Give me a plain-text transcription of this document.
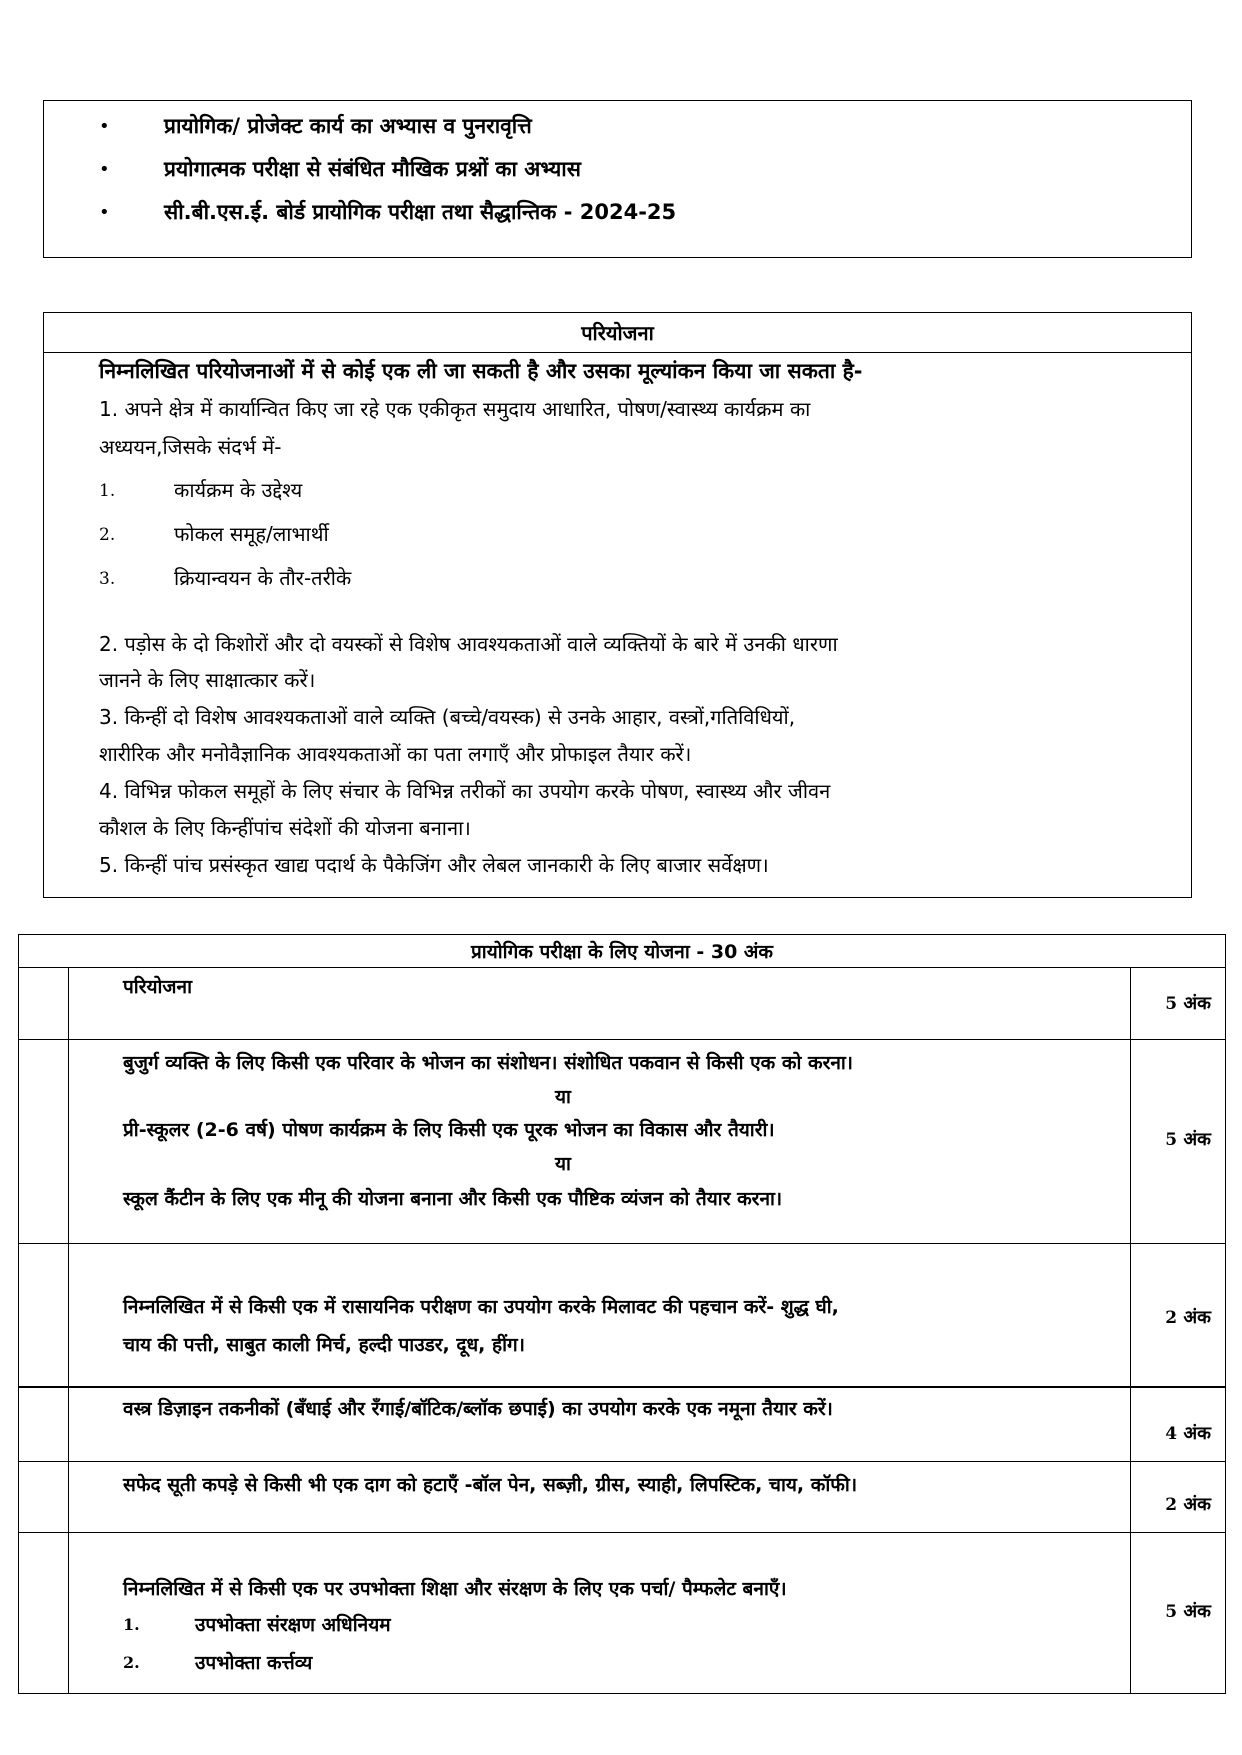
•	प्रायोगिक/ प्रोजेक्ट कार्य का अभ्यास व पुनरावृत्ति
•	प्रयोगात्मक परीक्षा से संबंधित मौखिक प्रश्नों का अभ्यास
•	सी.बी.एस.ई. बोर्ड प्रायोगिक परीक्षा तथा सैद्धान्तिक - 2024-25
परियोजना
निम्नलिखित परियोजनाओं में से कोई एक ली जा सकती है और उसका मूल्यांकन किया जा सकता है-
1. अपने क्षेत्र में कार्यान्वित किए जा रहे एक एकीकृत समुदाय आधारित, पोषण/स्वास्थ्य कार्यक्रम का
अध्ययन,जिसके संदर्भ में-
1.	कार्यक्रम के उद्देश्य
2.	फोकल समूह/लाभार्थी
3.	क्रियान्वयन के तौर-तरीके
2. पड़ोस के दो किशोरों और दो वयस्कों से विशेष आवश्यकताओं वाले व्यक्तियों के बारे में उनकी धारणा
जानने के लिए साक्षात्कार करें।
3. किन्हीं दो विशेष आवश्यकताओं वाले व्यक्ति (बच्चे/वयस्क) से उनके आहार, वस्त्रों,गतिविधियों,
शारीरिक और मनोवैज्ञानिक आवश्यकताओं का पता लगाएँ और प्रोफाइल तैयार करें।
4. विभिन्न फोकल समूहों के लिए संचार के विभिन्न तरीकों का उपयोग करके पोषण, स्वास्थ्य और जीवन
कौशल के लिए किन्हींपांच संदेशों की योजना बनाना।
5. किन्हीं पांच प्रसंस्कृत खाद्य पदार्थ के पैकेजिंग और लेबल जानकारी के लिए बाजार सर्वेक्षण।
प्रायोगिक परीक्षा के लिए योजना - 30 अंक
परियोजना
5 अंक
बुजुर्ग व्यक्ति के लिए किसी एक परिवार के भोजन का संशोधन। संशोधित पकवान से किसी एक को करना।
या
प्री-स्कूलर (2-6 वर्ष) पोषण कार्यक्रम के लिए किसी एक पूरक भोजन का विकास और तैयारी।
या
स्कूल कैंटीन के लिए एक मीनू की योजना बनाना और किसी एक पौष्टिक व्यंजन को तैयार करना।
5 अंक
निम्नलिखित में से किसी एक में रासायनिक परीक्षण का उपयोग करके मिलावट की पहचान करें- शुद्ध घी,
चाय की पत्ती, साबुत काली मिर्च, हल्दी पाउडर, दूध, हींग।
2 अंक
वस्त्र डिज़ाइन तकनीकों (बँधाई और रँगाई/बॉटिक/ब्लॉक छपाई) का उपयोग करके एक नमूना तैयार करें।
4 अंक
सफेद सूती कपड़े से किसी भी एक दाग को हटाएँ -बॉल पेन, सब्ज़ी, ग्रीस, स्याही, लिपस्टिक, चाय, कॉफी।
2 अंक
निम्नलिखित में से किसी एक पर उपभोक्ता शिक्षा और संरक्षण के लिए एक पर्चा/ पैम्फलेट बनाएँ।
1.	उपभोक्ता संरक्षण अधिनियम
2.	उपभोक्ता कर्त्तव्य
5 अंक
